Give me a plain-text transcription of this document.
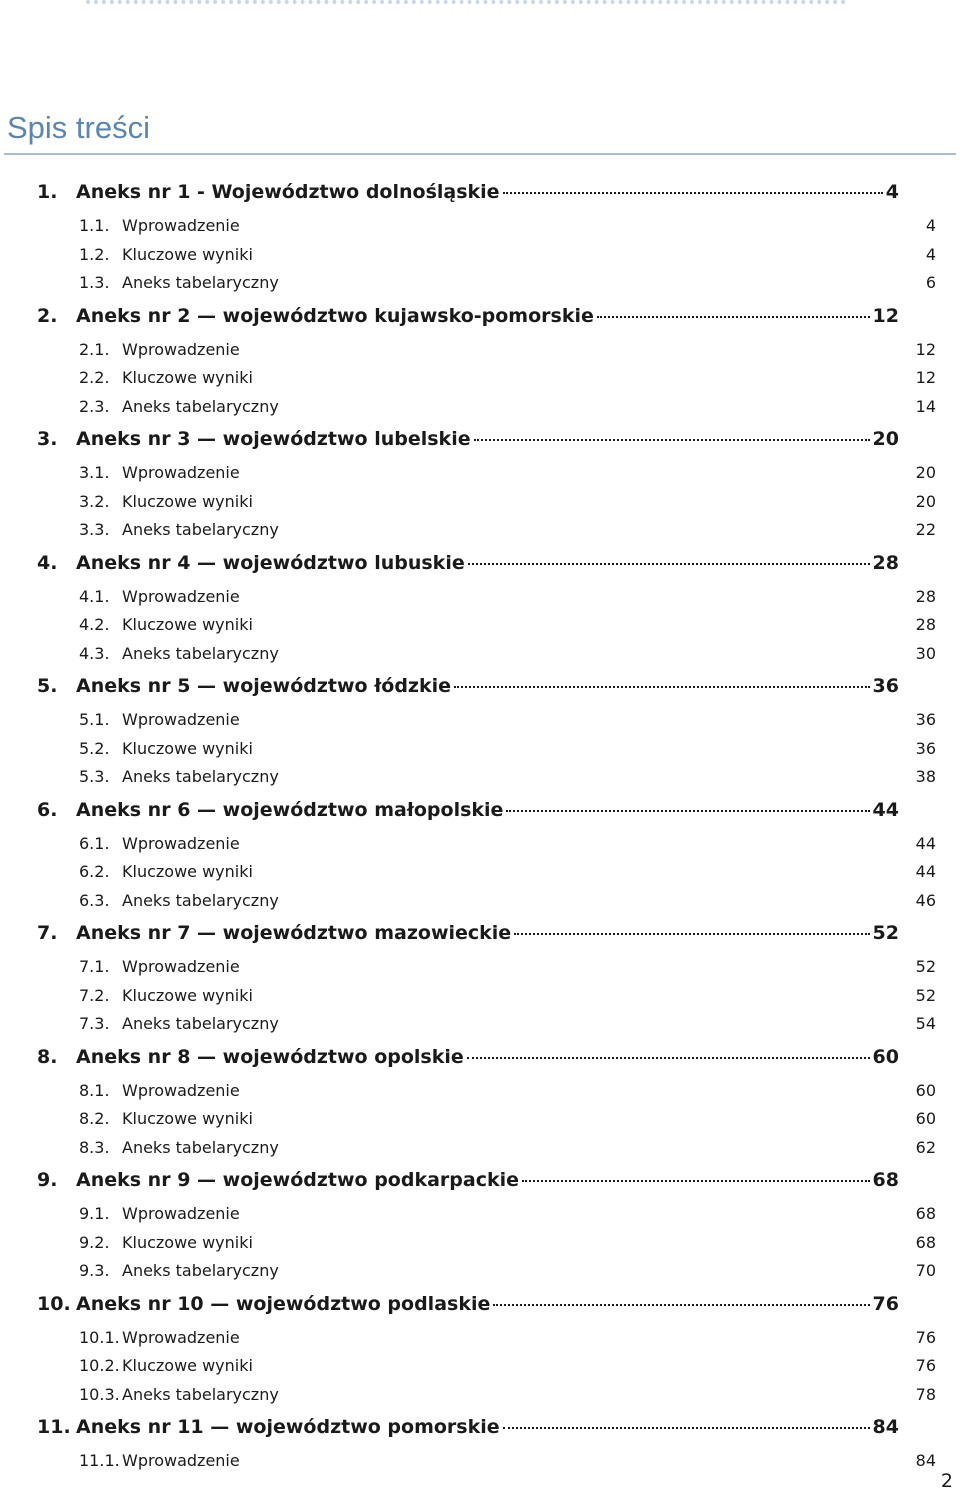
Spis treści
1. Aneks nr 1 - Województwo dolnośląskie	4
1.1. Wprowadzenie	4
1.2. Kluczowe wyniki	4
1.3. Aneks tabelaryczny	6
2. Aneks nr 2 — województwo kujawsko-pomorskie	12
2.1. Wprowadzenie	12
2.2. Kluczowe wyniki	12
2.3. Aneks tabelaryczny	14
3. Aneks nr 3 — województwo lubelskie	20
3.1. Wprowadzenie	20
3.2. Kluczowe wyniki	20
3.3. Aneks tabelaryczny	22
4. Aneks nr 4 — województwo lubuskie	28
4.1. Wprowadzenie	28
4.2. Kluczowe wyniki	28
4.3. Aneks tabelaryczny	30
5. Aneks nr 5 — województwo łódzkie	36
5.1. Wprowadzenie	36
5.2. Kluczowe wyniki	36
5.3. Aneks tabelaryczny	38
6. Aneks nr 6 — województwo małopolskie	44
6.1. Wprowadzenie	44
6.2. Kluczowe wyniki	44
6.3. Aneks tabelaryczny	46
7. Aneks nr 7 — województwo mazowieckie	52
7.1. Wprowadzenie	52
7.2. Kluczowe wyniki	52
7.3. Aneks tabelaryczny	54
8. Aneks nr 8 — województwo opolskie	60
8.1. Wprowadzenie	60
8.2. Kluczowe wyniki	60
8.3. Aneks tabelaryczny	62
9. Aneks nr 9 — województwo podkarpackie	68
9.1. Wprowadzenie	68
9.2. Kluczowe wyniki	68
9.3. Aneks tabelaryczny	70
10. Aneks nr 10 — województwo podlaskie	76
10.1. Wprowadzenie	76
10.2. Kluczowe wyniki	76
10.3. Aneks tabelaryczny	78
11. Aneks nr 11 — województwo pomorskie	84
11.1. Wprowadzenie	84
2
